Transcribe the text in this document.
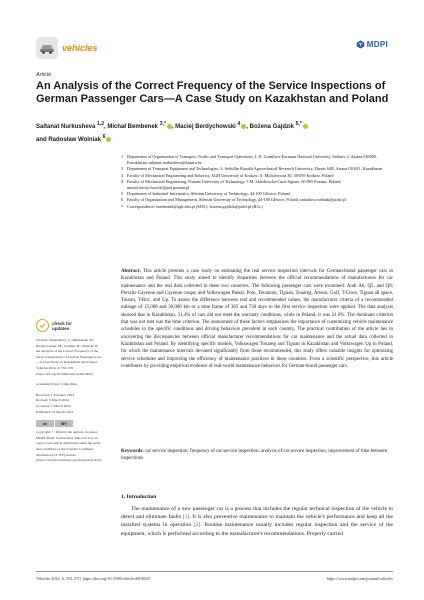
vehicles	MDPI
Article
An Analysis of the Correct Frequency of the Service Inspections of German Passenger Cars—A Case Study on Kazakhstan and Poland
Saltanat Nurkusheva $^{1,2}$, Michał Bembenek $^{3,*}$ , Maciej Berdychowski $^4$ , Bożena Gajdzik $^{5,*}$
and Radosław Wolniak $^6$
1 Department of Organization of Transport, Traffic and Transport Operations, L.N. Gumilyov Eurasian National University, Satbaev 2, Astana 010000, Kazakhstan; saltanat.nurkusheva@kazatu.kz
2 Department of Transport Equipment and Technologies, S. Seifullin Kazakh Agrotechnical Research University, Zhenis 62B, Astana 010011, Kazakhstan
3 Faculty of Mechanical Engineering and Robotics, AGH University of Krakow, A. Mickiewicza 30, 30-059 Krakow, Poland
4 Faculty of Mechanical Engineering, Poznan University of Technology, 5 M. Sklodowska-Curie Square, 60-965 Poznan, Poland; maciej.berdychowski@put.poznan.pl
5 Department of Industrial Informatics, Silesian University of Technology, 44-100 Gliwice, Poland
6 Faculty of Organization and Management, Silesian University of Technology, 44-100 Gliwice, Poland; radoslaw.wolniak@polsl.pl
* Correspondence: bembenek@agh.edu.pl (M.B.); bozena.gajdzik@polsl.pl (B.G.)
check for
updates

Citation: Nurkusheva, S.; Bembenek, M.; Berdychowski, M.; Gajdzik, B.; Wolniak, R. An Analysis of the Correct Frequency of the Service Inspections of German Passenger Cars—A Case Study on Kazakhstan and Poland. Vehicles 2024, 6, 553–570. https://doi.org/10.3390/vehicles6010025

Academic Editor: Lihui Zhao

Received: 1 February 2024

Revised: 5 March 2024

Accepted: 7 March 2024

Published: 19 March 2024

cc	BY

Copyright: © 2024 by the authors. Licensee MDPI, Basel, Switzerland. This article is an open access article distributed under the terms and conditions of the Creative Commons Attribution (CC BY) license (https://creativecommons.org/licenses/by/4.0/).

Abstract: This article presents a case study on estimating the real service inspection intervals for German-brand passenger cars in Kazakhstan and Poland. This study aimed to identify disparities between the official recommendations of manufacturers for car maintenance and the real data collected in these two countries. The following passenger cars were examined: Audi A6, Q5, and Q8; Porsche Cayenne and Cayenne coupe; and Volkswagen Passat, Polo, Teramont, Tiguan, Touareg, Arteon, Golf, T-Cross, Tiguan all space, Touran, T-Roc, and Up. To assess the difference between real and recommended values, the manufacturer criteria of a recommended mileage of 15,000 and 30,000 km or a time frame of 365 and 730 days to the first service inspection were applied. The data analysis showed that in Kazakhstan, 31.4% of cars did not meet the warranty conditions, while in Poland, it was 21.0%. The dominant criterion that was not met was the time criterion. The assessment of these factors emphasizes the importance of customizing vehicle maintenance schedules to the specific conditions and driving behaviors prevalent in each country. The practical contribution of the article lies in uncovering the discrepancies between official manufacturer recommendations for car maintenance and the actual data collected in Kazakhstan and Poland. By identifying specific models, Volkswagen Touareg and Tiguan in Kazakhstan and Volkswagen Up in Poland, for which the maintenance intervals deviated significantly from those recommended, this study offers valuable insights for optimizing service schedules and improving the efficiency of maintenance practices in these countries. From a scientific perspective, this article contributes by providing empirical evidence of real-world maintenance behaviors for German-brand passenger cars.

Keywords: car service inspection; frequency of car service inspection; analysis of car service inspection; improvement of time between inspections

1. Introduction

The maintenance of a new passenger car is a process that includes the regular technical inspection of the vehicle to detect and eliminate faults [1]. It is also preventive maintenance to maintain the vehicle's performance and keep all the installed systems in operation [2]. Routine maintenance usually includes regular inspection and the service of the equipment, which is performed according to the manufacturer's recommendations. Properly carried

Vehicles 2024, 6, 553–570. https://doi.org/10.3390/vehicles6010025	https://www.mdpi.com/journal/vehicles
